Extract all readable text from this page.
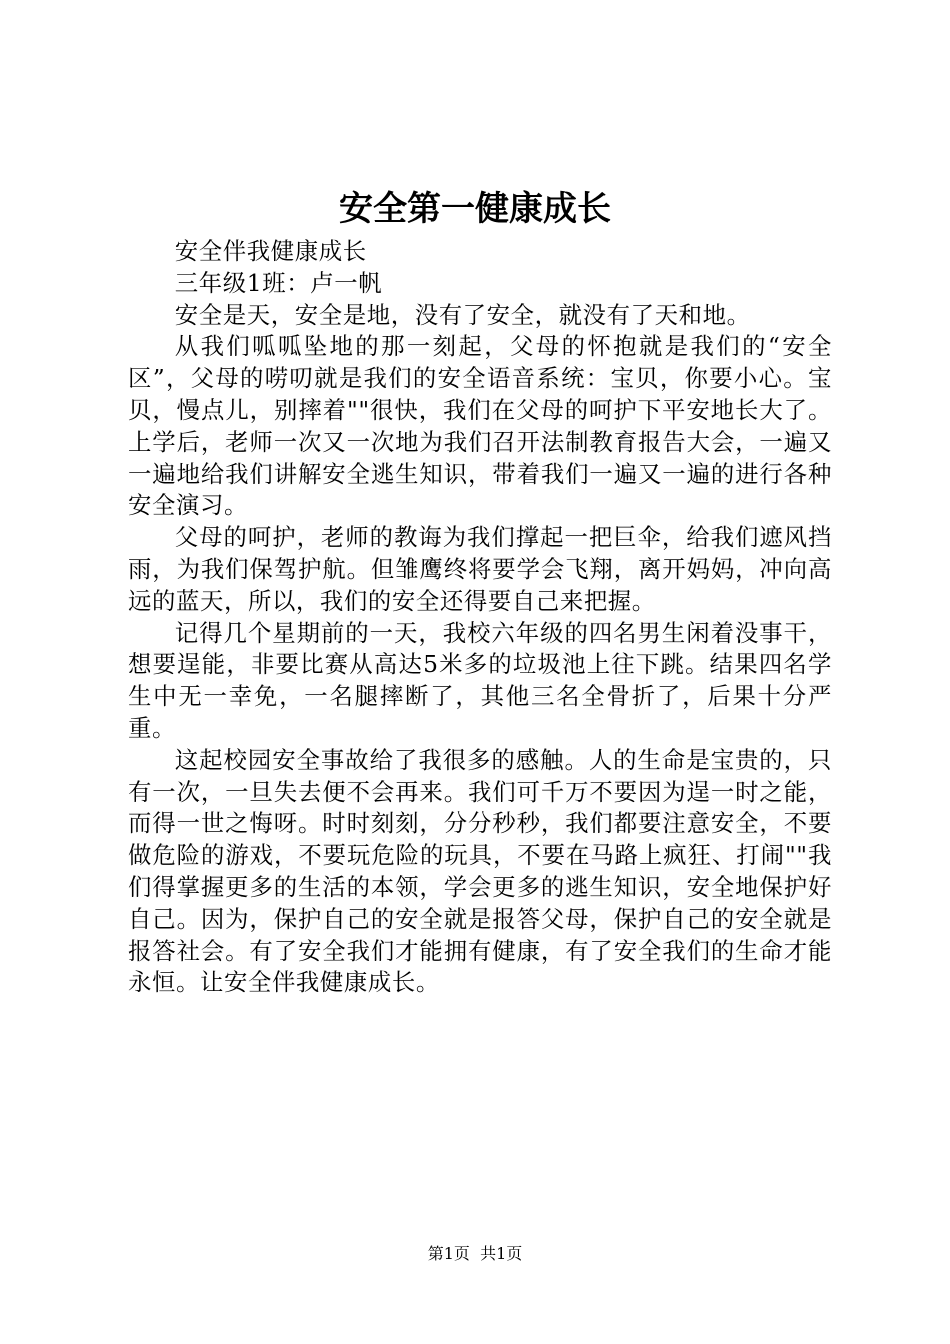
安全第一健康成长

安全伴我健康成长

三年级1班：卢一帆

安全是天，安全是地，没有了安全，就没有了天和地。

从我们呱呱坠地的那一刻起，父母的怀抱就是我们的“安全区”，父母的唠叨就是我们的安全语音系统：宝贝，你要小心。宝贝，慢点儿，别摔着""很快，我们在父母的呵护下平安地长大了。上学后，老师一次又一次地为我们召开法制教育报告大会，一遍又一遍地给我们讲解安全逃生知识，带着我们一遍又一遍的进行各种安全演习。

父母的呵护，老师的教诲为我们撑起一把巨伞，给我们遮风挡雨，为我们保驾护航。但雏鹰终将要学会飞翔，离开妈妈，冲向高远的蓝天，所以，我们的安全还得要自己来把握。

记得几个星期前的一天，我校六年级的四名男生闲着没事干，想要逞能，非要比赛从高达5米多的垃圾池上往下跳。结果四名学生中无一幸免，一名腿摔断了，其他三名全骨折了，后果十分严重。

这起校园安全事故给了我很多的感触。人的生命是宝贵的，只有一次，一旦失去便不会再来。我们可千万不要因为逞一时之能，而得一世之悔呀。时时刻刻，分分秒秒，我们都要注意安全，不要做危险的游戏，不要玩危险的玩具，不要在马路上疯狂、打闹""我们得掌握更多的生活的本领，学会更多的逃生知识，安全地保护好自己。因为，保护自己的安全就是报答父母，保护自己的安全就是报答社会。有了安全我们才能拥有健康，有了安全我们的生命才能永恒。让安全伴我健康成长。

第1页 共1页
